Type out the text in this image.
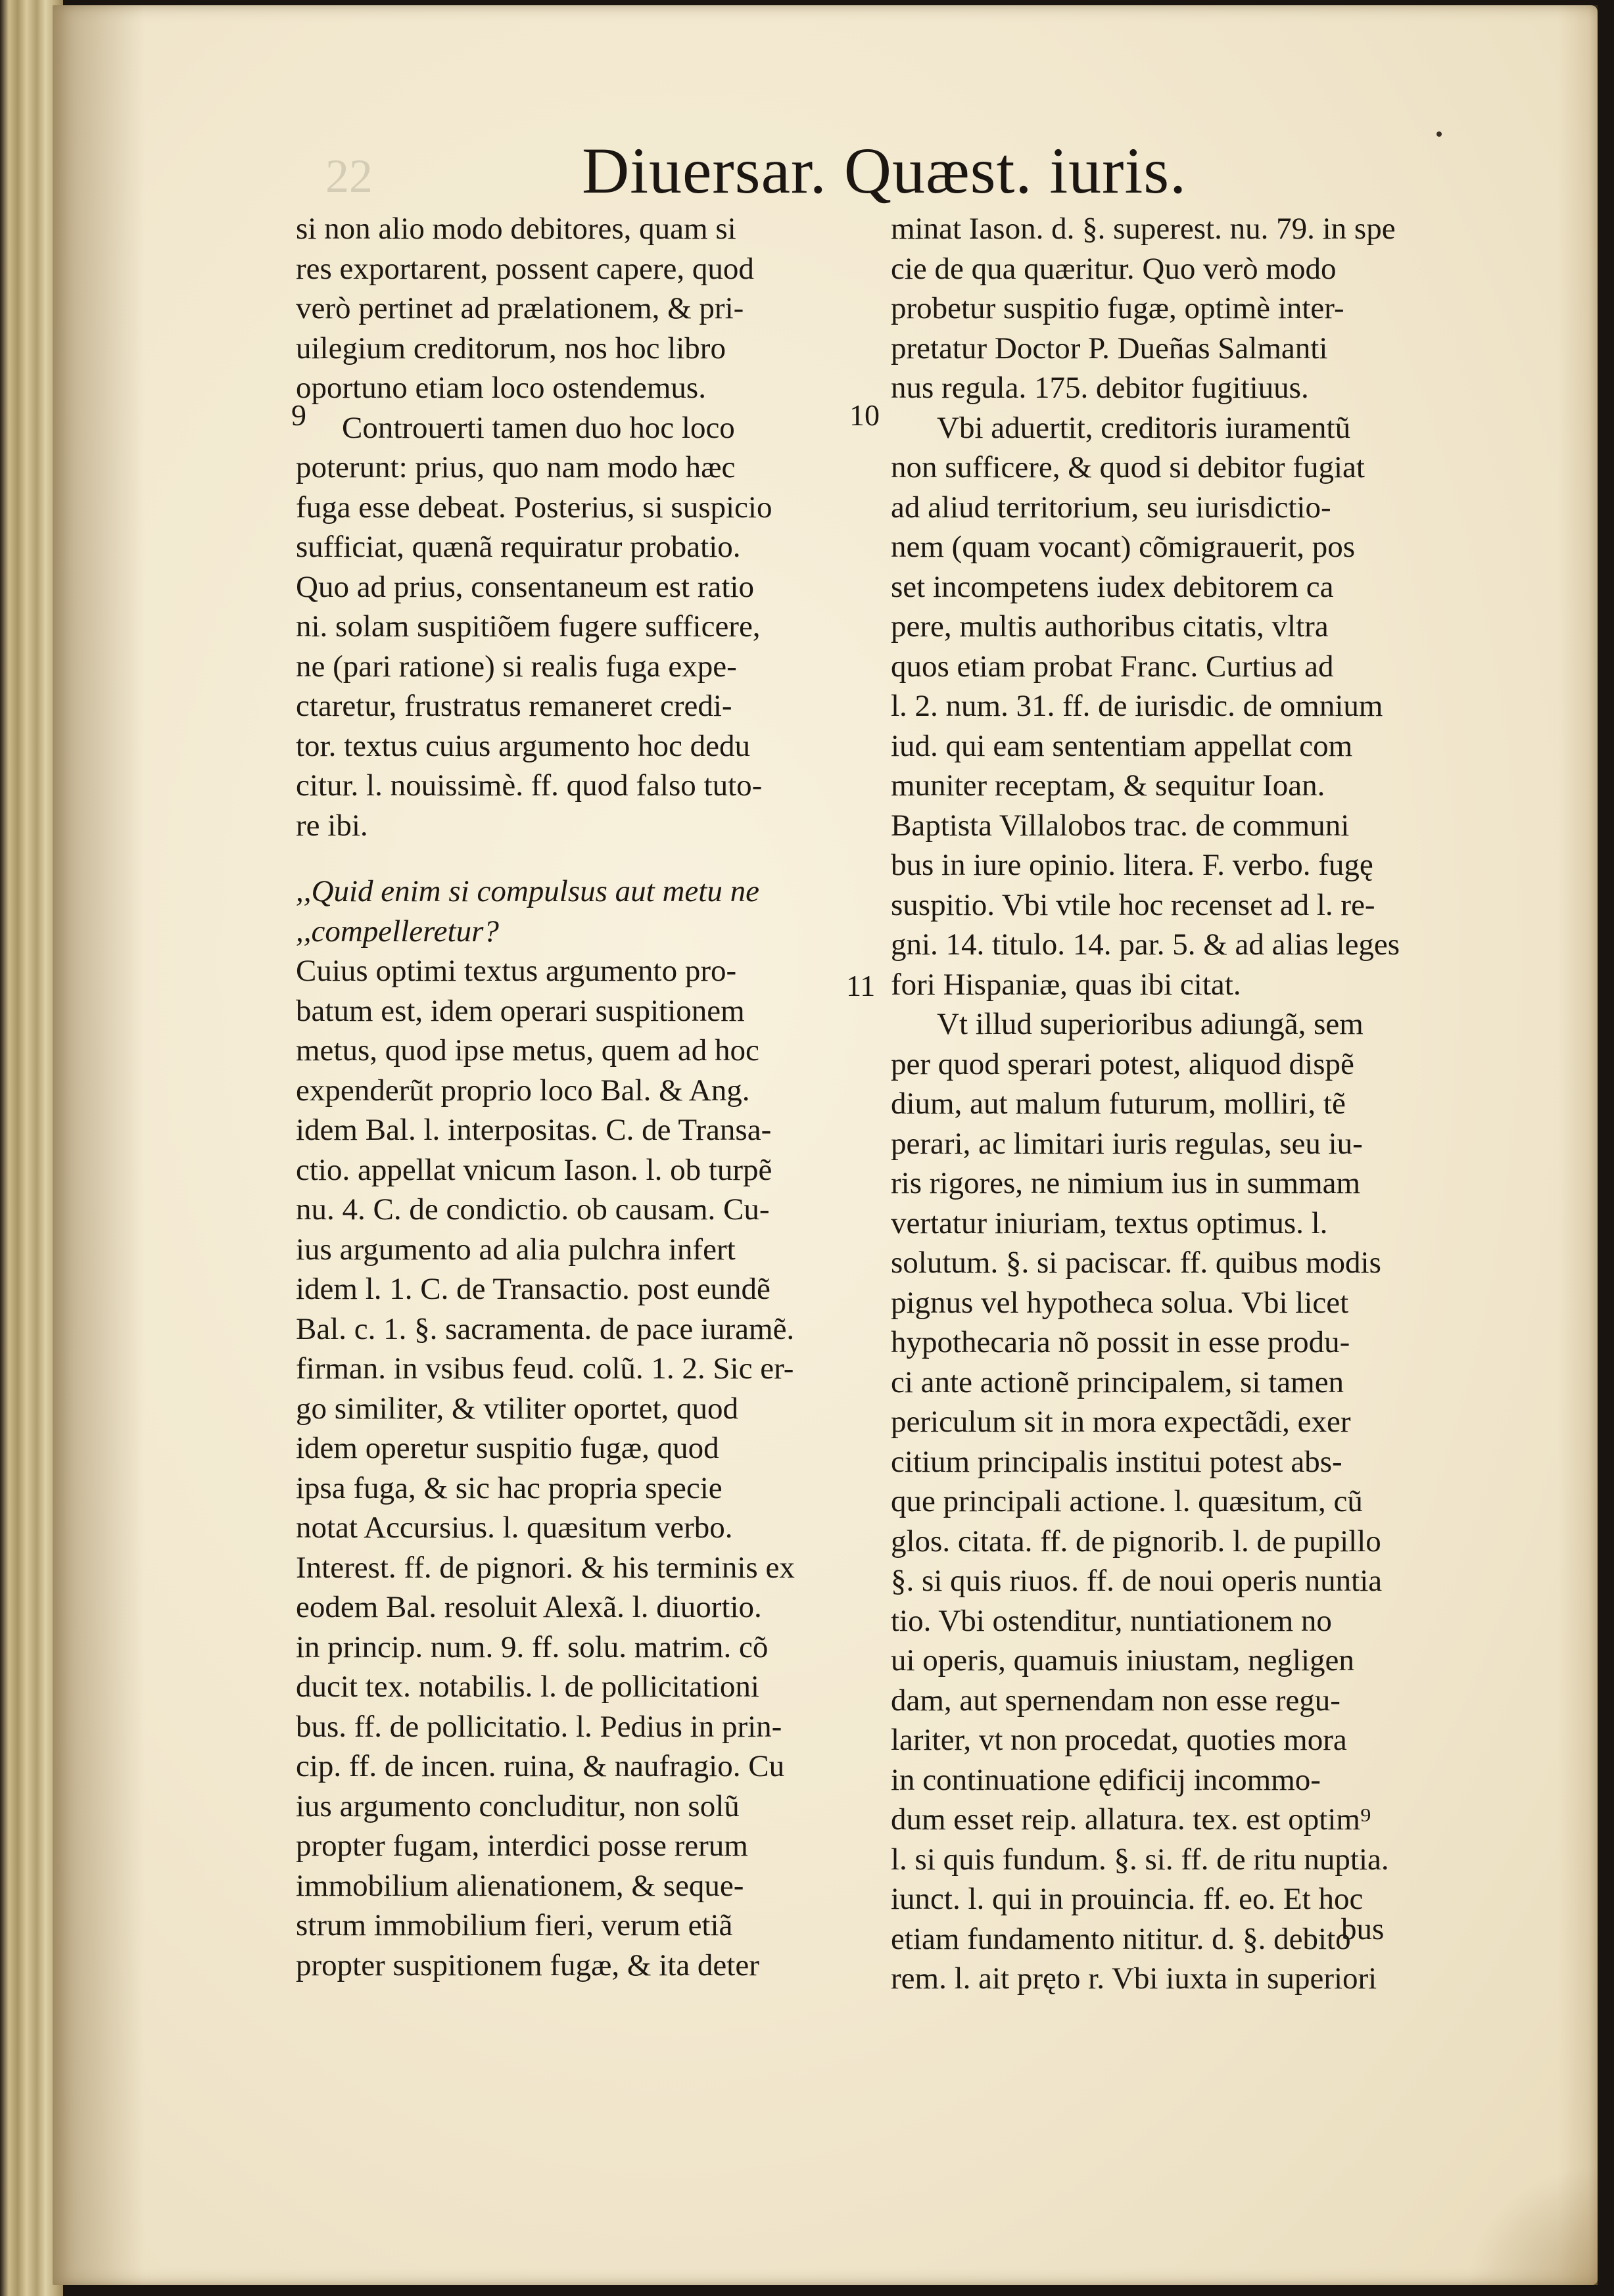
22	Diuersar. Quæst. iuris.
9	10
11
si non alio modo debitores, quam si
res exportarent, possent capere, quod
verò pertinet ad prælationem, & pri-
uilegium creditorum, nos hoc libro
oportuno etiam loco ostendemus.
Controuerti tamen duo hoc loco
poterunt: prius, quo nam modo hæc
fuga esse debeat. Posterius, si suspicio
sufficiat, quænã requiratur probatio.
Quo ad prius, consentaneum est ratio
ni. solam suspitiõem fugere sufficere,
ne (pari ratione) si realis fuga expe-
ctaretur, frustratus remaneret credi-
tor. textus cuius argumento hoc dedu
citur. l. nouissimè. ff. quod falso tuto-
re ibi.
,,Quid enim si compulsus aut metu ne
,,compelleretur?
Cuius optimi textus argumento pro-
batum est, idem operari suspitionem
metus, quod ipse metus, quem ad hoc
expenderũt proprio loco Bal. & Ang.
idem Bal. l. interpositas. C. de Transa-
ctio. appellat vnicum Iason. l. ob turpẽ
nu. 4. C. de condictio. ob causam. Cu-
ius argumento ad alia pulchra infert
idem l. 1. C. de Transactio. post eundẽ
Bal. c. 1. §. sacramenta. de pace iuramẽ.
firman. in vsibus feud. colũ. 1. 2. Sic er-
go similiter, & vtiliter oportet, quod
idem operetur suspitio fugæ, quod
ipsa fuga, & sic hac propria specie
notat Accursius. l. quæsitum verbo.
Interest. ff. de pignori. & his terminis ex
eodem Bal. resoluit Alexã. l. diuortio.
in princip. num. 9. ff. solu. matrim. cõ
ducit tex. notabilis. l. de pollicitationi
bus. ff. de pollicitatio. l. Pedius in prin-
cip. ff. de incen. ruina, & naufragio. Cu
ius argumento concluditur, non solũ
propter fugam, interdici posse rerum
immobilium alienationem, & seque-
strum immobilium fieri, verum etiã
propter suspitionem fugæ, & ita deter
minat Iason. d. §. superest. nu. 79. in spe
cie de qua quæritur. Quo verò modo
probetur suspitio fugæ, optimè inter-
pretatur Doctor P. Dueñas Salmanti
nus regula. 175. debitor fugitiuus.
Vbi aduertit, creditoris iuramentũ
non sufficere, & quod si debitor fugiat
ad aliud territorium, seu iurisdictio-
nem (quam vocant) cõmigrauerit, pos
set incompetens iudex debitorem ca
pere, multis authoribus citatis, vltra
quos etiam probat Franc. Curtius ad
l. 2. num. 31. ff. de iurisdic. de omnium
iud. qui eam sententiam appellat com
muniter receptam, & sequitur Ioan.
Baptista Villalobos trac. de communi
bus in iure opinio. litera. F. verbo. fugę
suspitio. Vbi vtile hoc recenset ad l. re-
gni. 14. titulo. 14. par. 5. & ad alias leges
fori Hispaniæ, quas ibi citat.
Vt illud superioribus adiungã, sem
per quod sperari potest, aliquod dispẽ
dium, aut malum futurum, molliri, tẽ
perari, ac limitari iuris regulas, seu iu-
ris rigores, ne nimium ius in summam
vertatur iniuriam, textus optimus. l.
solutum. §. si paciscar. ff. quibus modis
pignus vel hypotheca solua. Vbi licet
hypothecaria nõ possit in esse produ-
ci ante actionẽ principalem, si tamen
periculum sit in mora expectãdi, exer
citium principalis institui potest abs-
que principali actione. l. quæsitum, cũ
glos. citata. ff. de pignorib. l. de pupillo
§. si quis riuos. ff. de noui operis nuntia
tio. Vbi ostenditur, nuntiationem no
ui operis, quamuis iniustam, negligen
dam, aut spernendam non esse regu-
lariter, vt non procedat, quoties mora
in continuatione ędificij incommo-
dum esset reip. allatura. tex. est optim⁹
l. si quis fundum. §. si. ff. de ritu nuptia.
iunct. l. qui in prouincia. ff. eo. Et hoc
etiam fundamento nititur. d. §. debito
rem. l. ait pręto r. Vbi iuxta in superiori
bus
